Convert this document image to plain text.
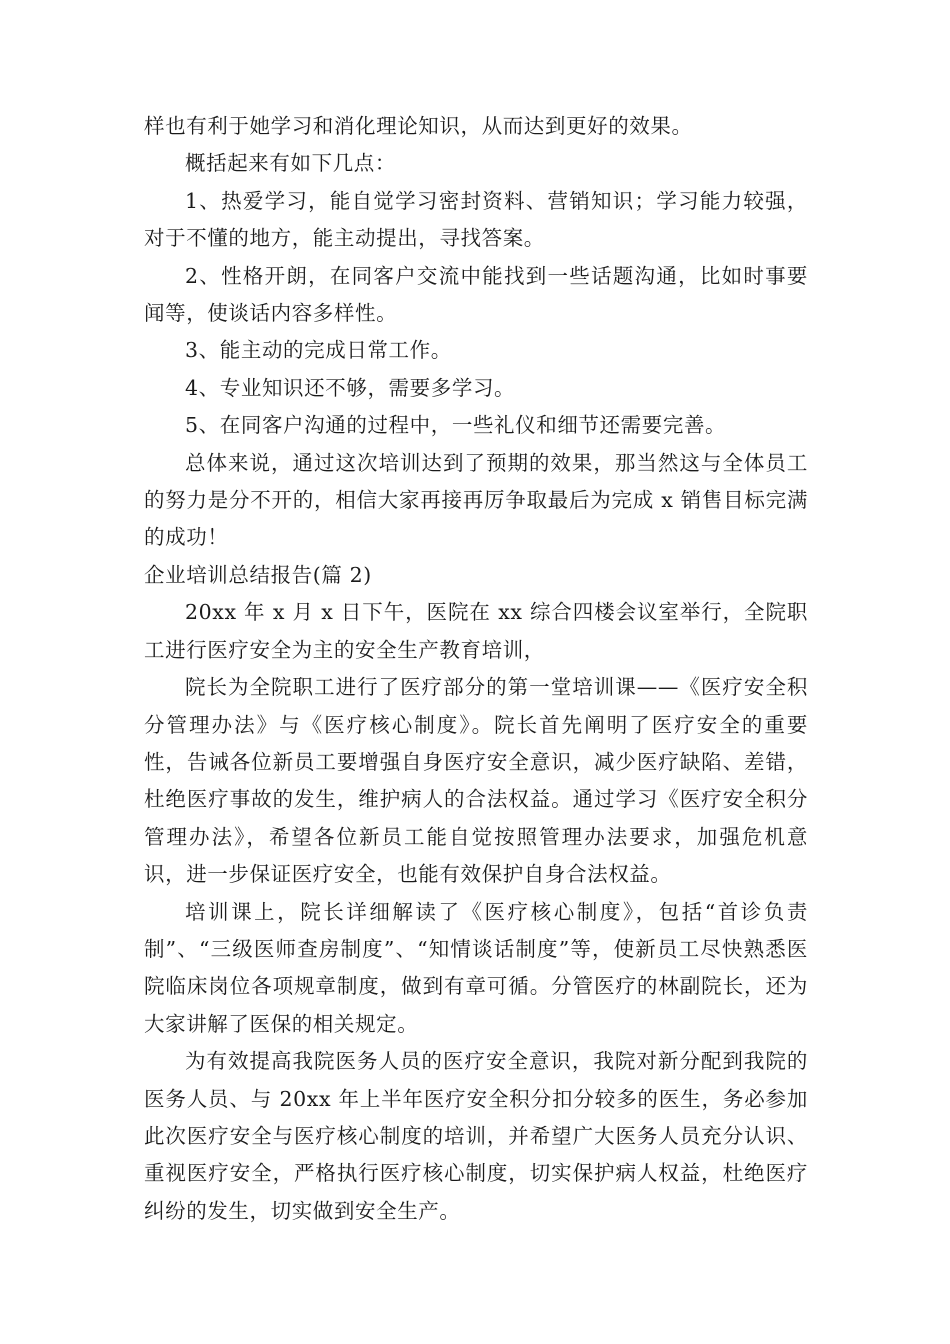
样也有利于她学习和消化理论知识，从而达到更好的效果。

概括起来有如下几点：

1、热爱学习，能自觉学习密封资料、营销知识；学习能力较强，对于不懂的地方，能主动提出，寻找答案。

2、性格开朗，在同客户交流中能找到一些话题沟通，比如时事要闻等，使谈话内容多样性。

3、能主动的完成日常工作。

4、专业知识还不够，需要多学习。

5、在同客户沟通的过程中，一些礼仪和细节还需要完善。

总体来说，通过这次培训达到了预期的效果，那当然这与全体员工的努力是分不开的，相信大家再接再厉争取最后为完成 x 销售目标完满的成功！

企业培训总结报告(篇 2)

20xx 年 x 月 x 日下午，医院在 xx 综合四楼会议室举行，全院职工进行医疗安全为主的安全生产教育培训，

院长为全院职工进行了医疗部分的第一堂培训课——《医疗安全积分管理办法》与《医疗核心制度》。院长首先阐明了医疗安全的重要性，告诫各位新员工要增强自身医疗安全意识，减少医疗缺陷、差错，杜绝医疗事故的发生，维护病人的合法权益。通过学习《医疗安全积分管理办法》，希望各位新员工能自觉按照管理办法要求，加强危机意识，进一步保证医疗安全，也能有效保护自身合法权益。

培训课上，院长详细解读了《医疗核心制度》，包括“首诊负责制”、“三级医师查房制度”、“知情谈话制度”等，使新员工尽快熟悉医院临床岗位各项规章制度，做到有章可循。分管医疗的林副院长，还为大家讲解了医保的相关规定。

为有效提高我院医务人员的医疗安全意识，我院对新分配到我院的医务人员、与 20xx 年上半年医疗安全积分扣分较多的医生，务必参加此次医疗安全与医疗核心制度的培训，并希望广大医务人员充分认识、重视医疗安全，严格执行医疗核心制度，切实保护病人权益，杜绝医疗纠纷的发生，切实做到安全生产。
